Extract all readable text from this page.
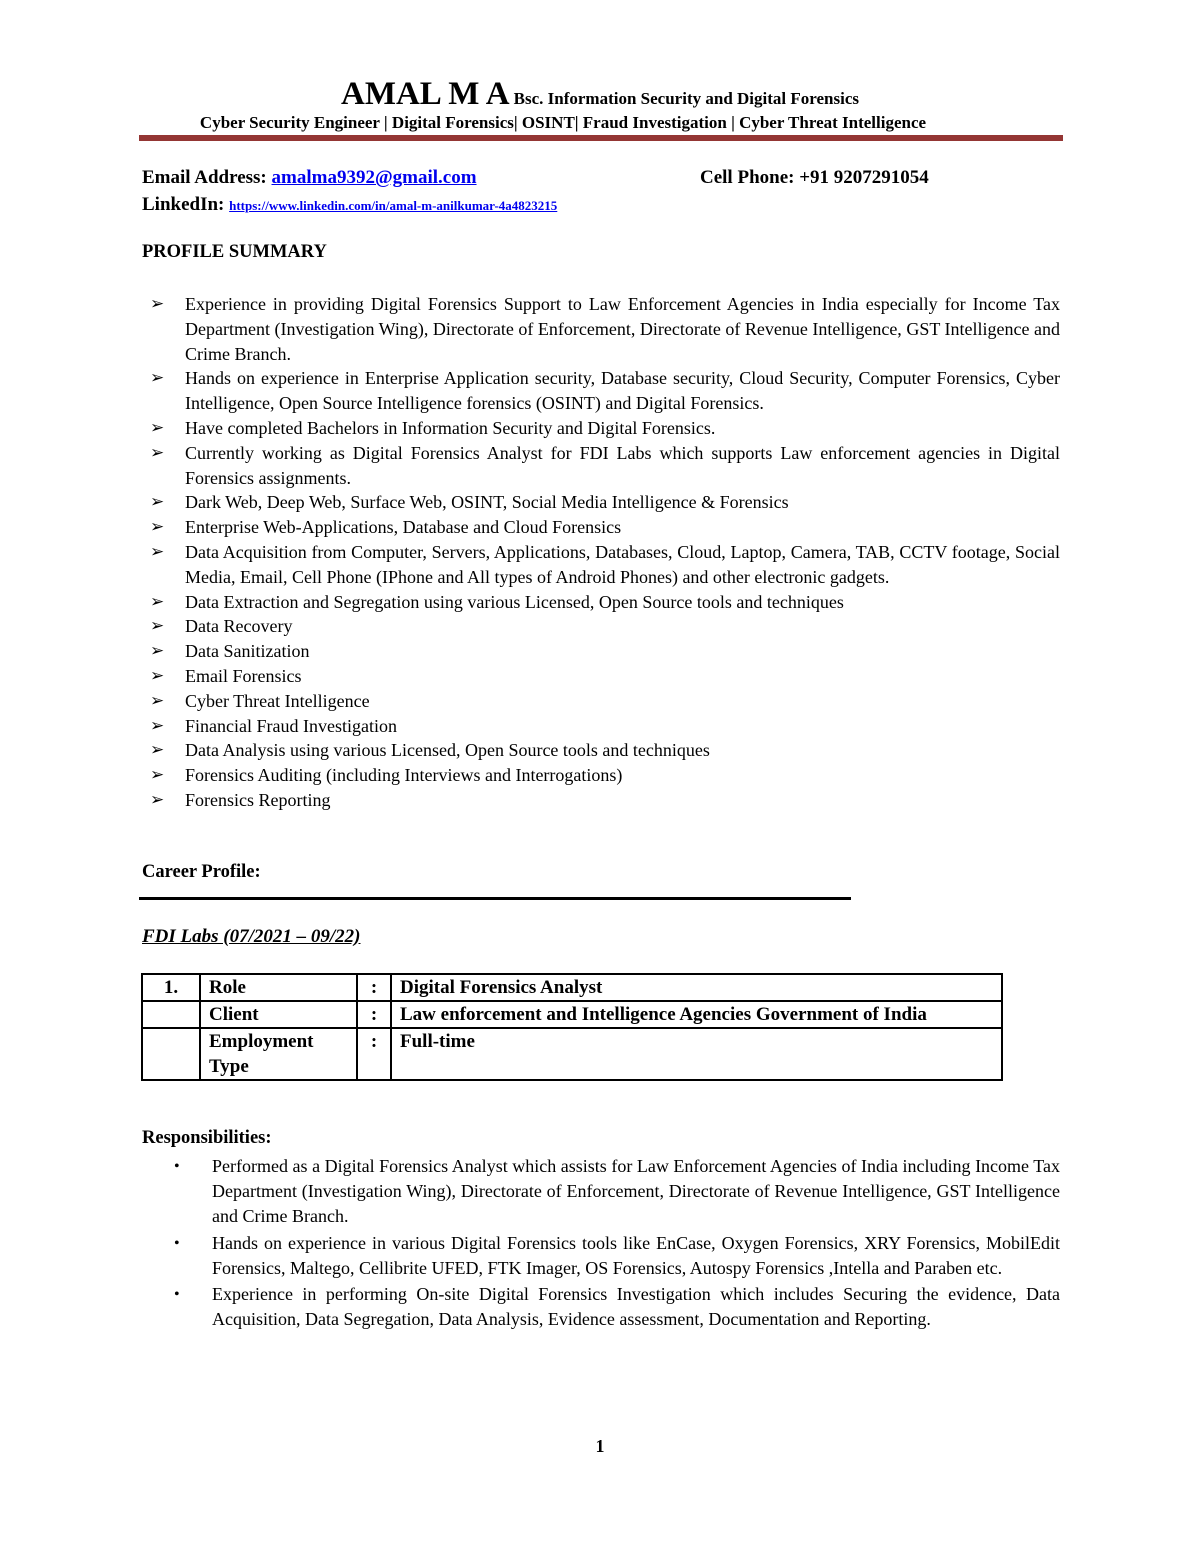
AMAL M A Bsc. Information Security and Digital Forensics
Cyber Security Engineer | Digital Forensics| OSINT| Fraud Investigation | Cyber Threat Intelligence
Email Address: amalma9392@gmail.com	Cell Phone: +91 9207291054
LinkedIn: https://www.linkedin.com/in/amal-m-anilkumar-4a4823215
PROFILE SUMMARY
➢ Experience in providing Digital Forensics Support to Law Enforcement Agencies in India especially for Income Tax Department (Investigation Wing), Directorate of Enforcement, Directorate of Revenue Intelligence, GST Intelligence and Crime Branch.
➢ Hands on experience in Enterprise Application security, Database security, Cloud Security, Computer Forensics, Cyber Intelligence, Open Source Intelligence forensics (OSINT) and Digital Forensics.
➢ Have completed Bachelors in Information Security and Digital Forensics.
➢ Currently working as Digital Forensics Analyst for FDI Labs which supports Law enforcement agencies in Digital Forensics assignments.
➢ Dark Web, Deep Web, Surface Web, OSINT, Social Media Intelligence & Forensics
➢ Enterprise Web-Applications, Database and Cloud Forensics
➢ Data Acquisition from Computer, Servers, Applications, Databases, Cloud, Laptop, Camera, TAB, CCTV footage, Social Media, Email, Cell Phone (IPhone and All types of Android Phones) and other electronic gadgets.
➢ Data Extraction and Segregation using various Licensed, Open Source tools and techniques
➢ Data Recovery
➢ Data Sanitization
➢ Email Forensics
➢ Cyber Threat Intelligence
➢ Financial Fraud Investigation
➢ Data Analysis using various Licensed, Open Source tools and techniques
➢ Forensics Auditing (including Interviews and Interrogations)
➢ Forensics Reporting
Career Profile:
FDI Labs (07/2021 – 09/22)
1.	Role	:	Digital Forensics Analyst
	Client	:	Law enforcement and Intelligence Agencies Government of India
	Employment Type	:	Full-time
Responsibilities:
• Performed as a Digital Forensics Analyst which assists for Law Enforcement Agencies of India including Income Tax Department (Investigation Wing), Directorate of Enforcement, Directorate of Revenue Intelligence, GST Intelligence and Crime Branch.
• Hands on experience in various Digital Forensics tools like EnCase, Oxygen Forensics, XRY Forensics, MobilEdit Forensics, Maltego, Cellibrite UFED, FTK Imager, OS Forensics, Autospy Forensics ,Intella and Paraben etc.
• Experience in performing On-site Digital Forensics Investigation which includes Securing the evidence, Data Acquisition, Data Segregation, Data Analysis, Evidence assessment, Documentation and Reporting.
1
